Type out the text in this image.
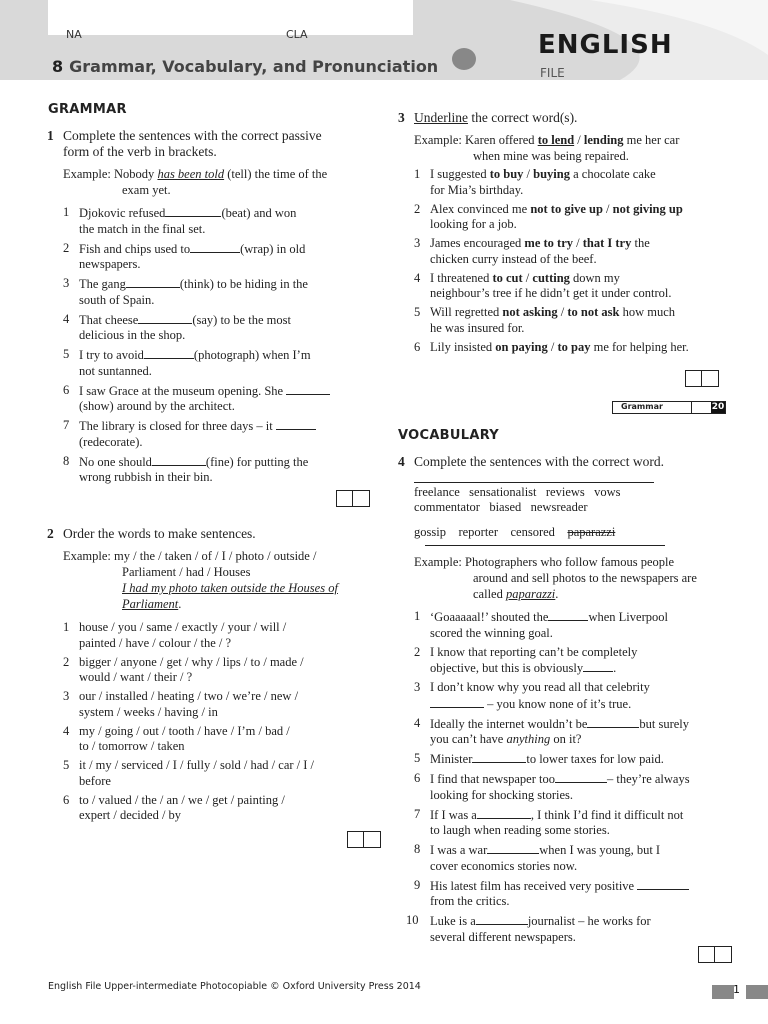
NA	CLA
8 Grammar, Vocabulary, and Pronunciation
ENGLISH
FILE
GRAMMAR
1 Complete the sentences with the correct passive
form of the verb in brackets.
Example: Nobody has been told (tell) the time of the
exam yet.
1 Djokovic refused	(beat) and won
the match in the final set.
2 Fish and chips used to	(wrap) in old
newspapers.
3 The gang	(think) to be hiding in the
south of Spain.
4 That cheese	(say) to be the most
delicious in the shop.
5 I try to avoid	(photograph) when I’m
not suntanned.
6 I saw Grace at the museum opening. She
(show) around by the architect.
7 The library is closed for three days – it
(redecorate).
8 No one should	(fine) for putting the
wrong rubbish in their bin.
2 Order the words to make sentences.
Example: my / the / taken / of / I / photo / outside /
Parliament / had / Houses
I had my photo taken outside the Houses of
Parliament.
1 house / you / same / exactly / your / will /
painted / have / colour / the / ?
2 bigger / anyone / get / why / lips / to / made /
would / want / their / ?
3 our / installed / heating / two / we’re / new /
system / weeks / having / in
4 my / going / out / tooth / have / I’m / bad /
to / tomorrow / taken
5 it / my / serviced / I / fully / sold / had / car / I /
before
6 to / valued / the / an / we / get / painting /
expert / decided / by
3 Underline the correct word(s).
Example: Karen offered to lend / lending me her car
when mine was being repaired.
1 I suggested to buy / buying a chocolate cake
for Mia’s birthday.
2 Alex convinced me not to give up / not giving up
looking for a job.
3 James encouraged me to try / that I try the
chicken curry instead of the beef.
4 I threatened to cut / cutting down my
neighbour’s tree if he didn’t get it under control.
5 Will regretted not asking / to not ask how much
he was insured for.
6 Lily insisted on paying / to pay me for helping her.
Grammar	20
VOCABULARY
4 Complete the sentences with the correct word.
freelance   sensationalist   reviews   vows
commentator   biased   newsreader
gossip    reporter    censored    paparazzi
Example: Photographers who follow famous people
around and sell photos to the newspapers are
called paparazzi.
1 ‘Goaaaaal!’ shouted the	when Liverpool
scored the winning goal.
2 I know that reporting can’t be completely
objective, but this is obviously .
3 I don’t know why you read all that celebrity
– you know none of it’s true.
4 Ideally the internet wouldn’t be	but surely
you can’t have anything on it?
5 Minister	to lower taxes for low paid.
6 I find that newspaper too	– they’re always
looking for shocking stories.
7 If I was a	, I think I’d find it difficult not
to laugh when reading some stories.
8 I was a war	when I was young, but I
cover economics stories now.
9 His latest film has received very positive
from the critics.
10 Luke is a	journalist – he works for
several different newspapers.
English File Upper-intermediate Photocopiable © Oxford University Press 2014	1
